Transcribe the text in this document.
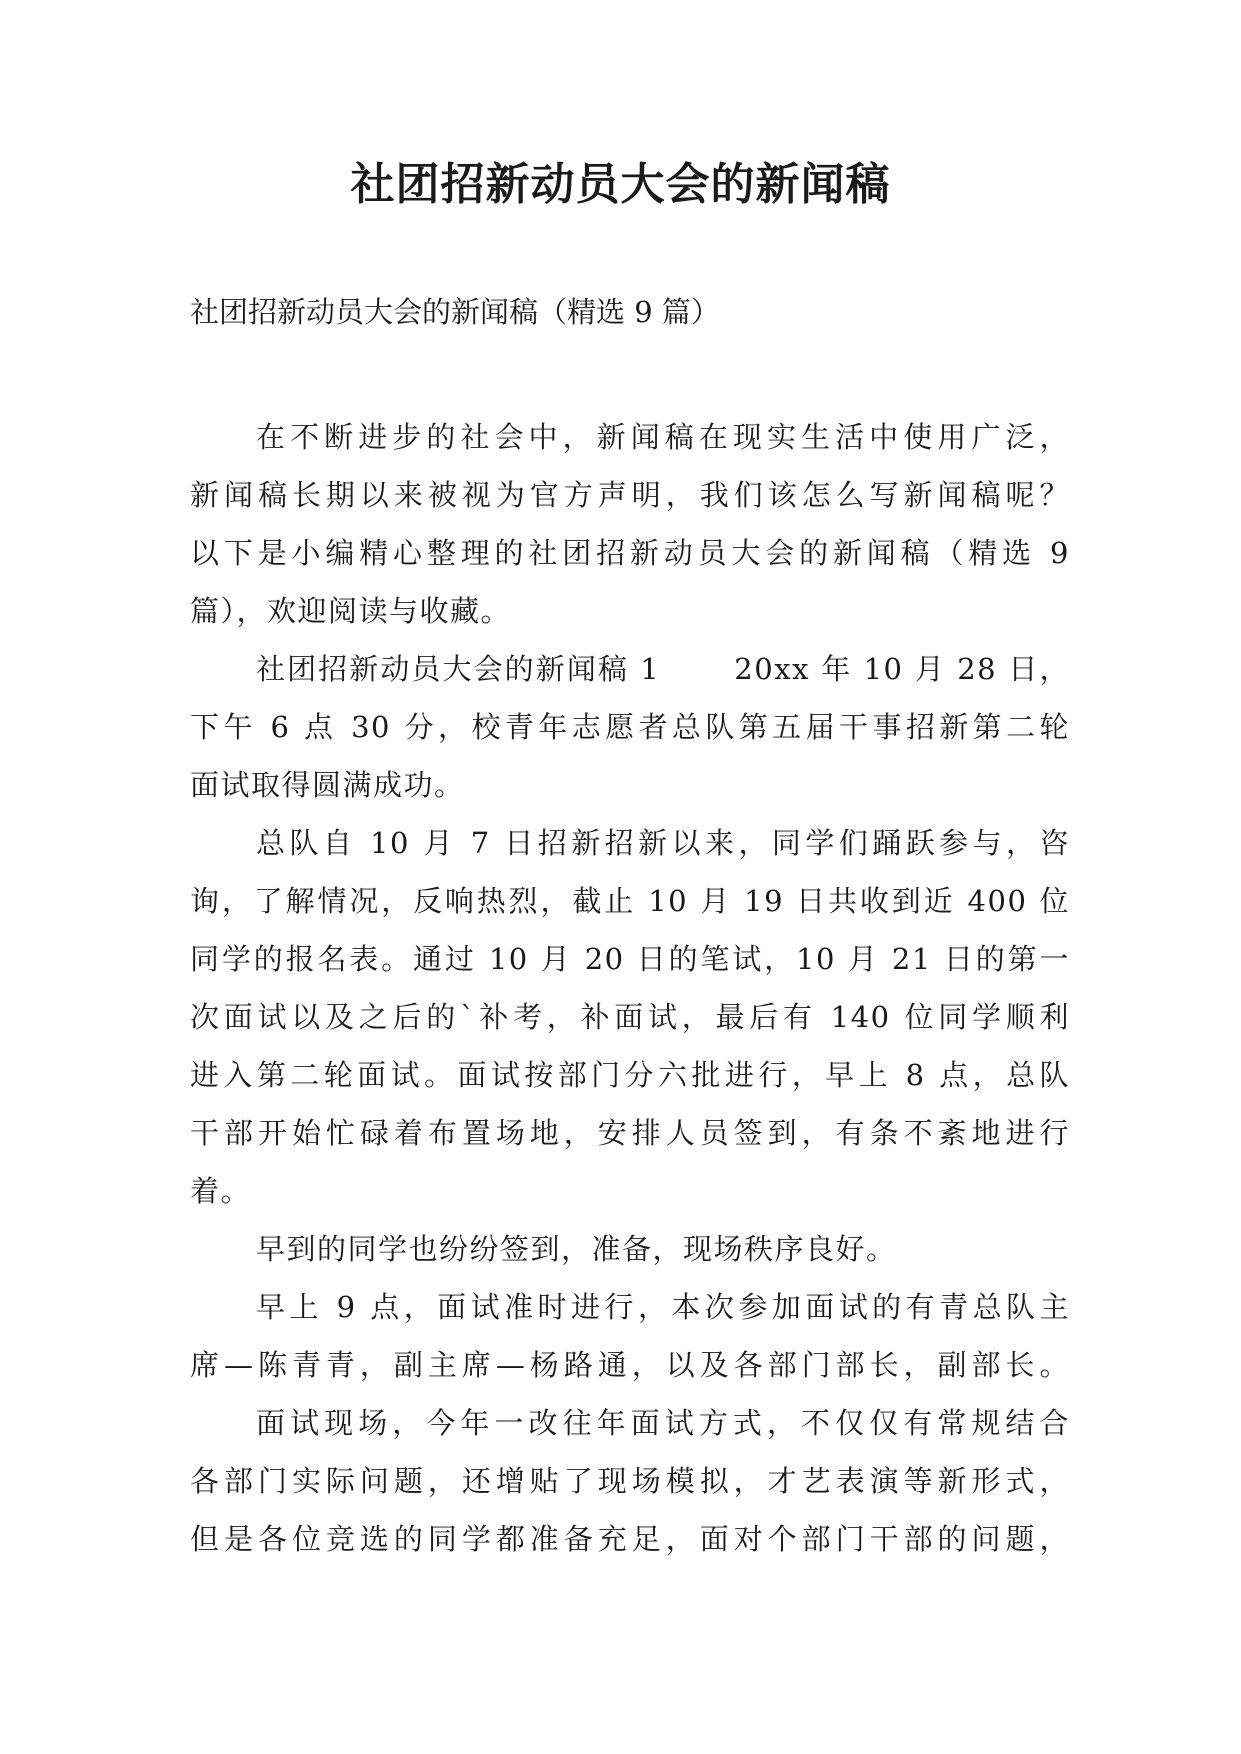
社团招新动员大会的新闻稿
社团招新动员大会的新闻稿（精选 9 篇）
在不断进步的社会中，新闻稿在现实生活中使用广泛，
新闻稿长期以来被视为官方声明，我们该怎么写新闻稿呢？
以下是小编精心整理的社团招新动员大会的新闻稿（精选 9
篇），欢迎阅读与收藏。
社团招新动员大会的新闻稿 1　　 20xx 年 10 月 28 日，
下午 6 点 30 分，校青年志愿者总队第五届干事招新第二轮
面试取得圆满成功。
总队自 10 月 7 日招新招新以来，同学们踊跃参与，咨
询，了解情况，反响热烈，截止 10 月 19 日共收到近 400 位
同学的报名表。通过 10 月 20 日的笔试，10 月 21 日的第一
次面试以及之后的`补考，补面试，最后有 140 位同学顺利
进入第二轮面试。面试按部门分六批进行，早上 8 点，总队
干部开始忙碌着布置场地，安排人员签到，有条不紊地进行
着。
早到的同学也纷纷签到，准备，现场秩序良好。
早上 9 点，面试准时进行，本次参加面试的有青总队主
席—陈青青，副主席—杨路通，以及各部门部长，副部长。
面试现场，今年一改往年面试方式，不仅仅有常规结合
各部门实际问题，还增贴了现场模拟，才艺表演等新形式，
但是各位竞选的同学都准备充足，面对个部门干部的问题，
